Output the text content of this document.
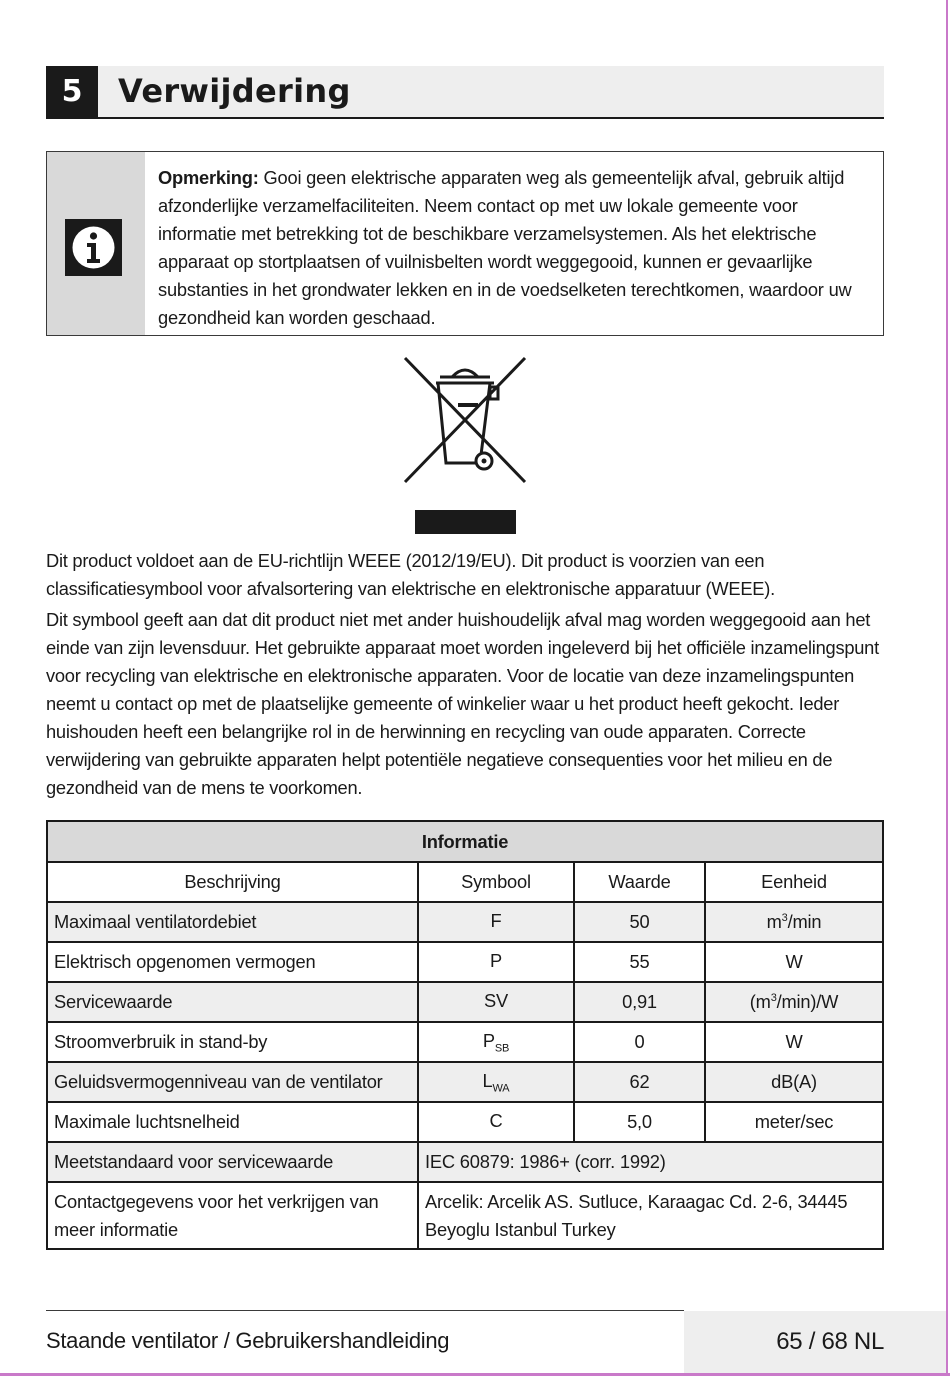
5	Verwijdering
Opmerking: Gooi geen elektrische apparaten weg als gemeentelijk afval, gebruik altijd afzonderlijke verzamelfaciliteiten. Neem contact op met uw lokale gemeente voor informatie met betrekking tot de beschikbare verzamelsystemen. Als het elektrische apparaat op stortplaatsen of vuilnisbelten wordt weggegooid, kunnen er gevaarlijke substanties in het grondwater lekken en in de voedselketen terechtkomen, waardoor uw gezondheid kan worden geschaad.
Dit product voldoet aan de EU-richtlijn WEEE (2012/19/EU). Dit product is voorzien van een classificatiesymbool voor afvalsortering van elektrische en elektronische apparatuur (WEEE).
Dit symbool geeft aan dat dit product niet met ander huishoudelijk afval mag worden weggegooid aan het einde van zijn levensduur. Het gebruikte apparaat moet worden ingeleverd bij het officiële inzamelingspunt voor recycling van elektrische en elektronische apparaten. Voor de locatie van deze inzamelingspunten neemt u contact op met de plaatselijke gemeente of winkelier waar u het product heeft gekocht. Ieder huishouden heeft een belangrijke rol in de herwinning en recycling van oude apparaten. Correcte verwijdering van gebruikte apparaten helpt potentiële negatieve consequenties voor het milieu en de gezondheid van de mens te voorkomen.
Informatie			
Beschrijving	Symbool	Waarde	Eenheid
Maximaal ventilatordebiet	F	50	$m^3/\min$
Elektrisch opgenomen vermogen	P	55	W
Servicewaarde	SV	0,91	$(m^3/\min)/W$
Stroomverbruik in stand-by	$P_{SB}$	0	W
Geluidsvermogenniveau van de ventilator	$L_{WA}$	62	dB(A)
Maximale luchtsnelheid	C	5,0	meter/sec
Meetstandaard voor servicewaarde	IEC 60879: 1986+ (corr. 1992)		
Contactgegevens voor het verkrijgen van meer informatie	Arcelik: Arcelik AS. Sutluce, Karaagac Cd. 2-6, 34445 Beyoglu Istanbul Turkey		
Staande ventilator / Gebruikershandleiding	65 / 68 NL
